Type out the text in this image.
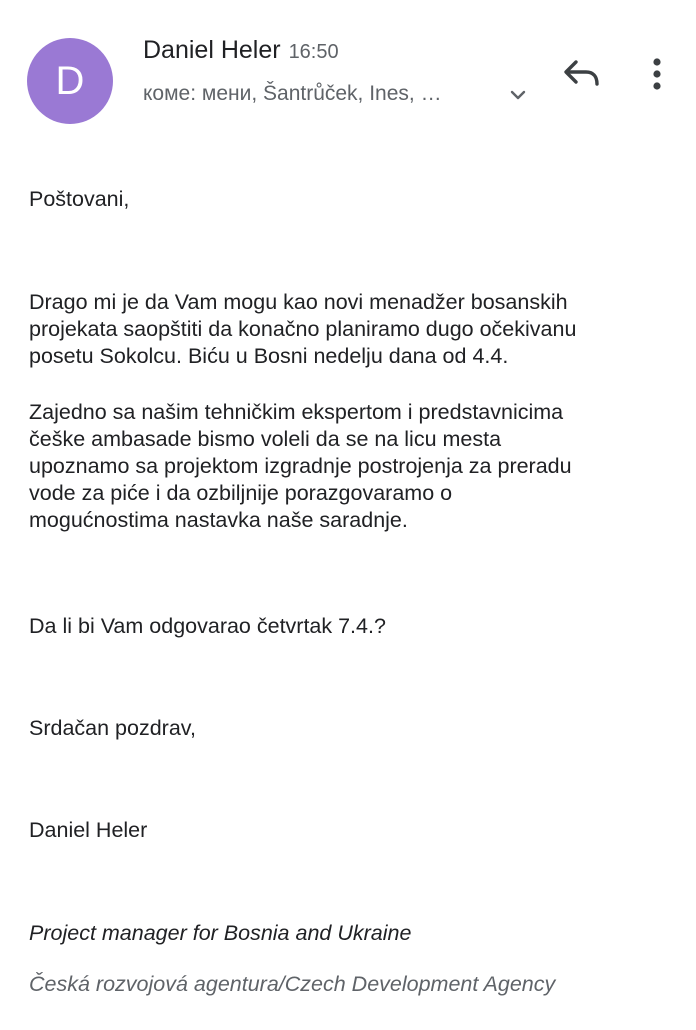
D
Daniel Heler 16:50
коме: мени, Šantrůček, Ines, …

Poštovani,

Drago mi je da Vam mogu kao novi menadžer bosanskih
projekata saopštiti da konačno planiramo dugo očekivanu
posetu Sokolcu. Biću u Bosni nedelju dana od 4.4.

Zajedno sa našim tehničkim ekspertom i predstavnicima
češke ambasade bismo voleli da se na licu mesta
upoznamo sa projektom izgradnje postrojenja za preradu
vode za piće i da ozbiljnije porazgovaramo o
mogućnostima nastavka naše saradnje.

Da li bi Vam odgovarao četvrtak 7.4.?

Srdačan pozdrav,

Daniel Heler

Project manager for Bosnia and Ukraine

Česká rozvojová agentura/Czech Development Agency
